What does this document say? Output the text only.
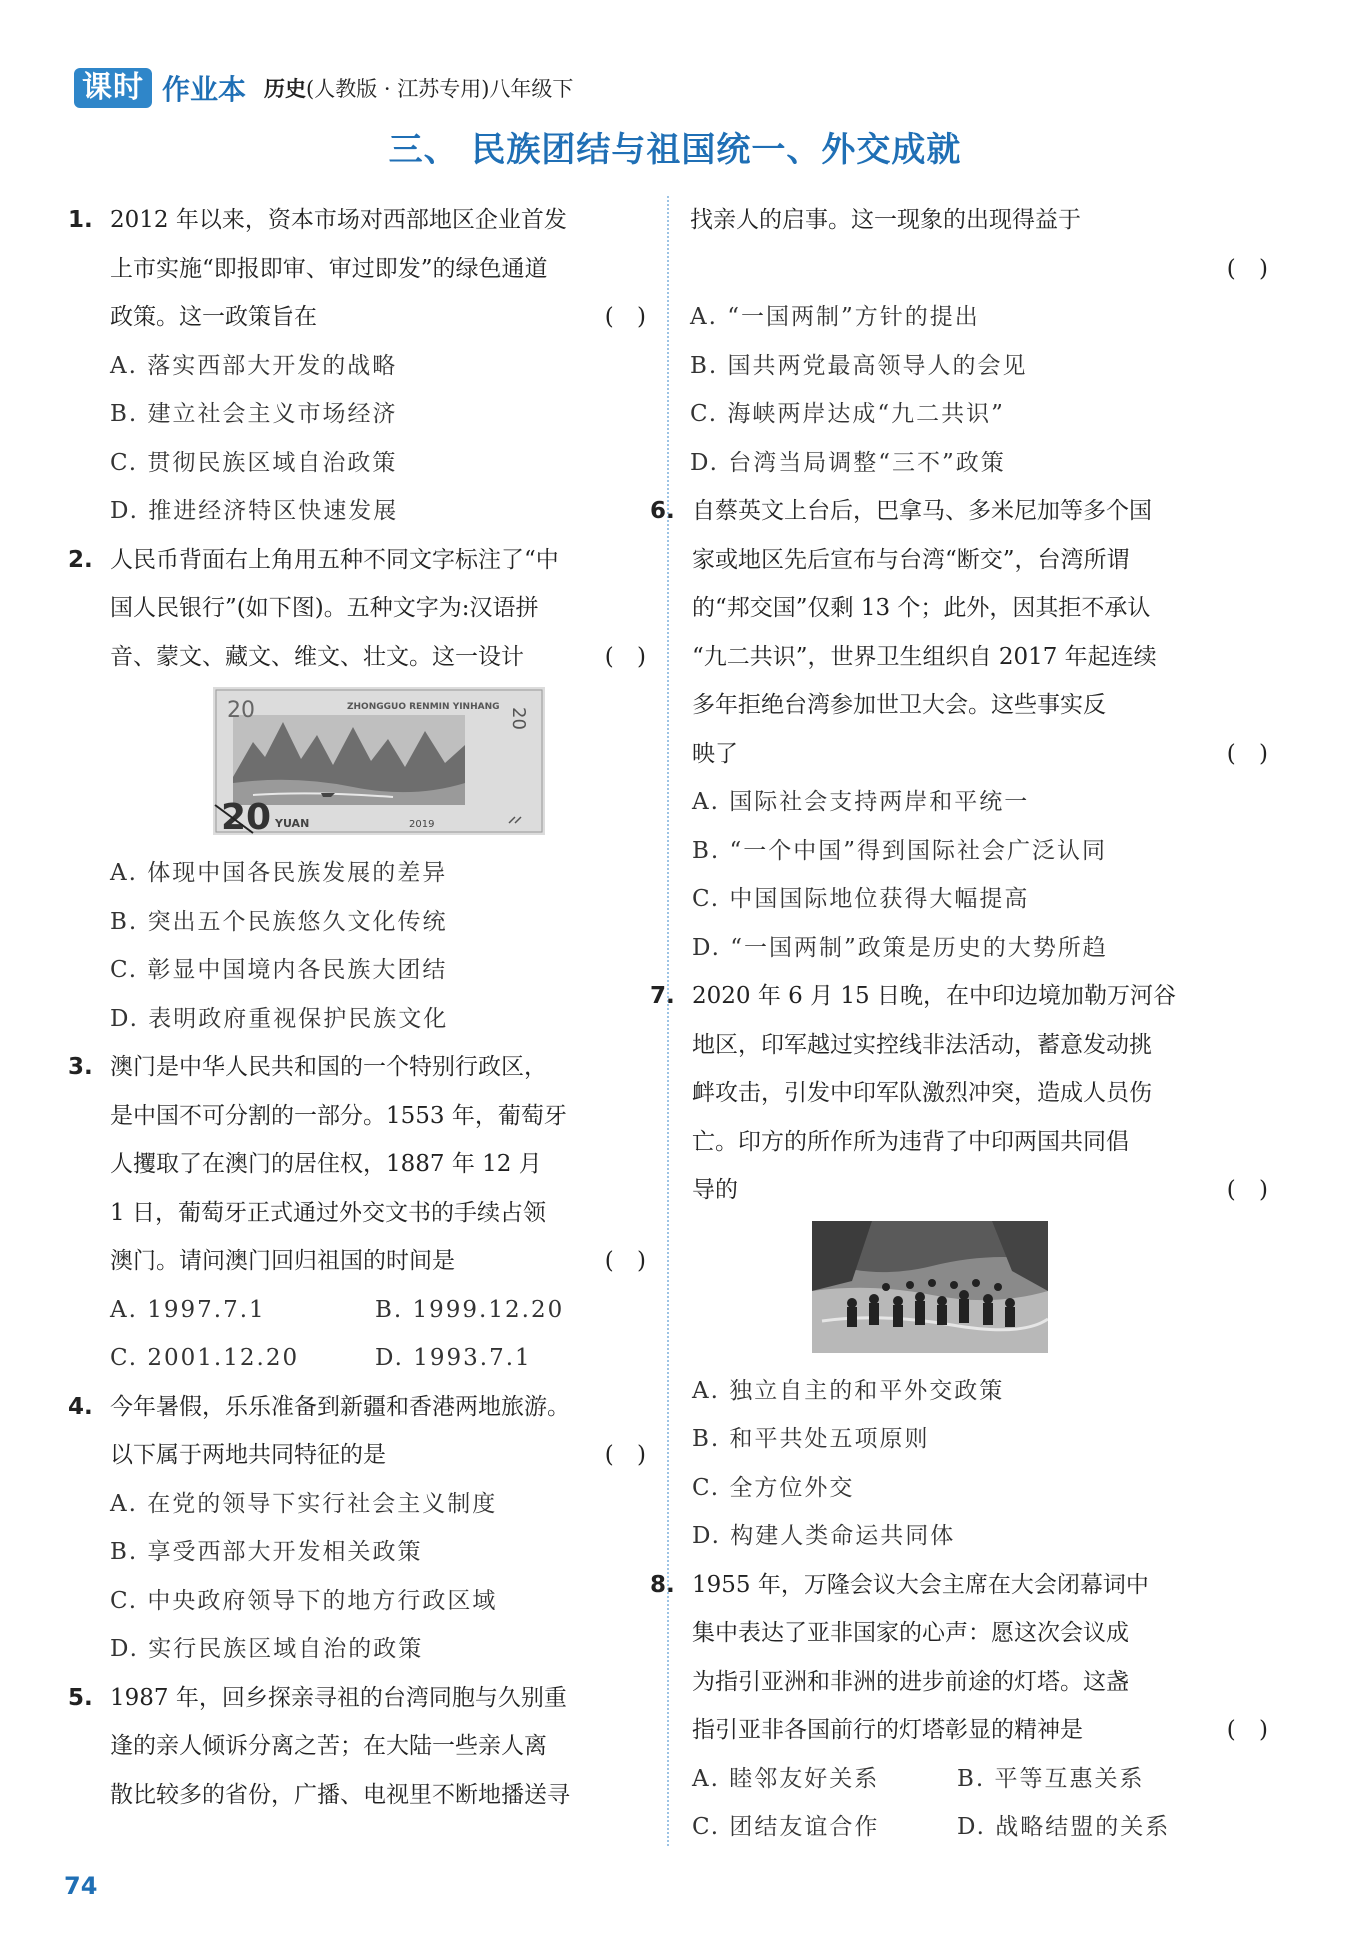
课时 作业本 历史(人教版 · 江苏专用)八年级下
三、 民族团结与祖国统一、外交成就
1. 2012 年以来，资本市场对西部地区企业首发
上市实施“即报即审、审过即发”的绿色通道
政策。这一政策旨在	( )
A. 落实西部大开发的战略
B. 建立社会主义市场经济
C. 贯彻民族区域自治政策
D. 推进经济特区快速发展
2. 人民币背面右上角用五种不同文字标注了“中
国人民银行”(如下图)。五种文字为:汉语拼
音、蒙文、藏文、维文、壮文。这一设计	( )
20	ZHONGGUO RENMIN YINHANG 20
20 YUAN	2019
A. 体现中国各民族发展的差异
B. 突出五个民族悠久文化传统
C. 彰显中国境内各民族大团结
D. 表明政府重视保护民族文化
3. 澳门是中华人民共和国的一个特别行政区，
是中国不可分割的一部分。1553 年，葡萄牙
人攫取了在澳门的居住权，1887 年 12 月
1 日，葡萄牙正式通过外交文书的手续占领
澳门。请问澳门回归祖国的时间是	( )
A. 1997.7.1	B. 1999.12.20
C. 2001.12.20	D. 1993.7.1
4. 今年暑假，乐乐准备到新疆和香港两地旅游。
以下属于两地共同特征的是	( )
A. 在党的领导下实行社会主义制度
B. 享受西部大开发相关政策
C. 中央政府领导下的地方行政区域
D. 实行民族区域自治的政策
5. 1987 年，回乡探亲寻祖的台湾同胞与久别重
逢的亲人倾诉分离之苦；在大陆一些亲人离
散比较多的省份，广播、电视里不断地播送寻
找亲人的启事。这一现象的出现得益于
( )
A. “一国两制”方针的提出
B. 国共两党最高领导人的会见
C. 海峡两岸达成“九二共识”
D. 台湾当局调整“三不”政策
6. 自蔡英文上台后，巴拿马、多米尼加等多个国
家或地区先后宣布与台湾“断交”，台湾所谓
的“邦交国”仅剩 13 个；此外，因其拒不承认
“九二共识”，世界卫生组织自 2017 年起连续
多年拒绝台湾参加世卫大会。这些事实反
映了	( )
A. 国际社会支持两岸和平统一
B. “一个中国”得到国际社会广泛认同
C. 中国国际地位获得大幅提高
D. “一国两制”政策是历史的大势所趋
7. 2020 年 6 月 15 日晚，在中印边境加勒万河谷
地区，印军越过实控线非法活动，蓄意发动挑
衅攻击，引发中印军队激烈冲突，造成人员伤
亡。印方的所作所为违背了中印两国共同倡
导的	( )
A. 独立自主的和平外交政策
B. 和平共处五项原则
C. 全方位外交
D. 构建人类命运共同体
8. 1955 年，万隆会议大会主席在大会闭幕词中
集中表达了亚非国家的心声：愿这次会议成
为指引亚洲和非洲的进步前途的灯塔。这盏
指引亚非各国前行的灯塔彰显的精神是	( )
A. 睦邻友好关系	B. 平等互惠关系
C. 团结友谊合作	D. 战略结盟的关系
74
